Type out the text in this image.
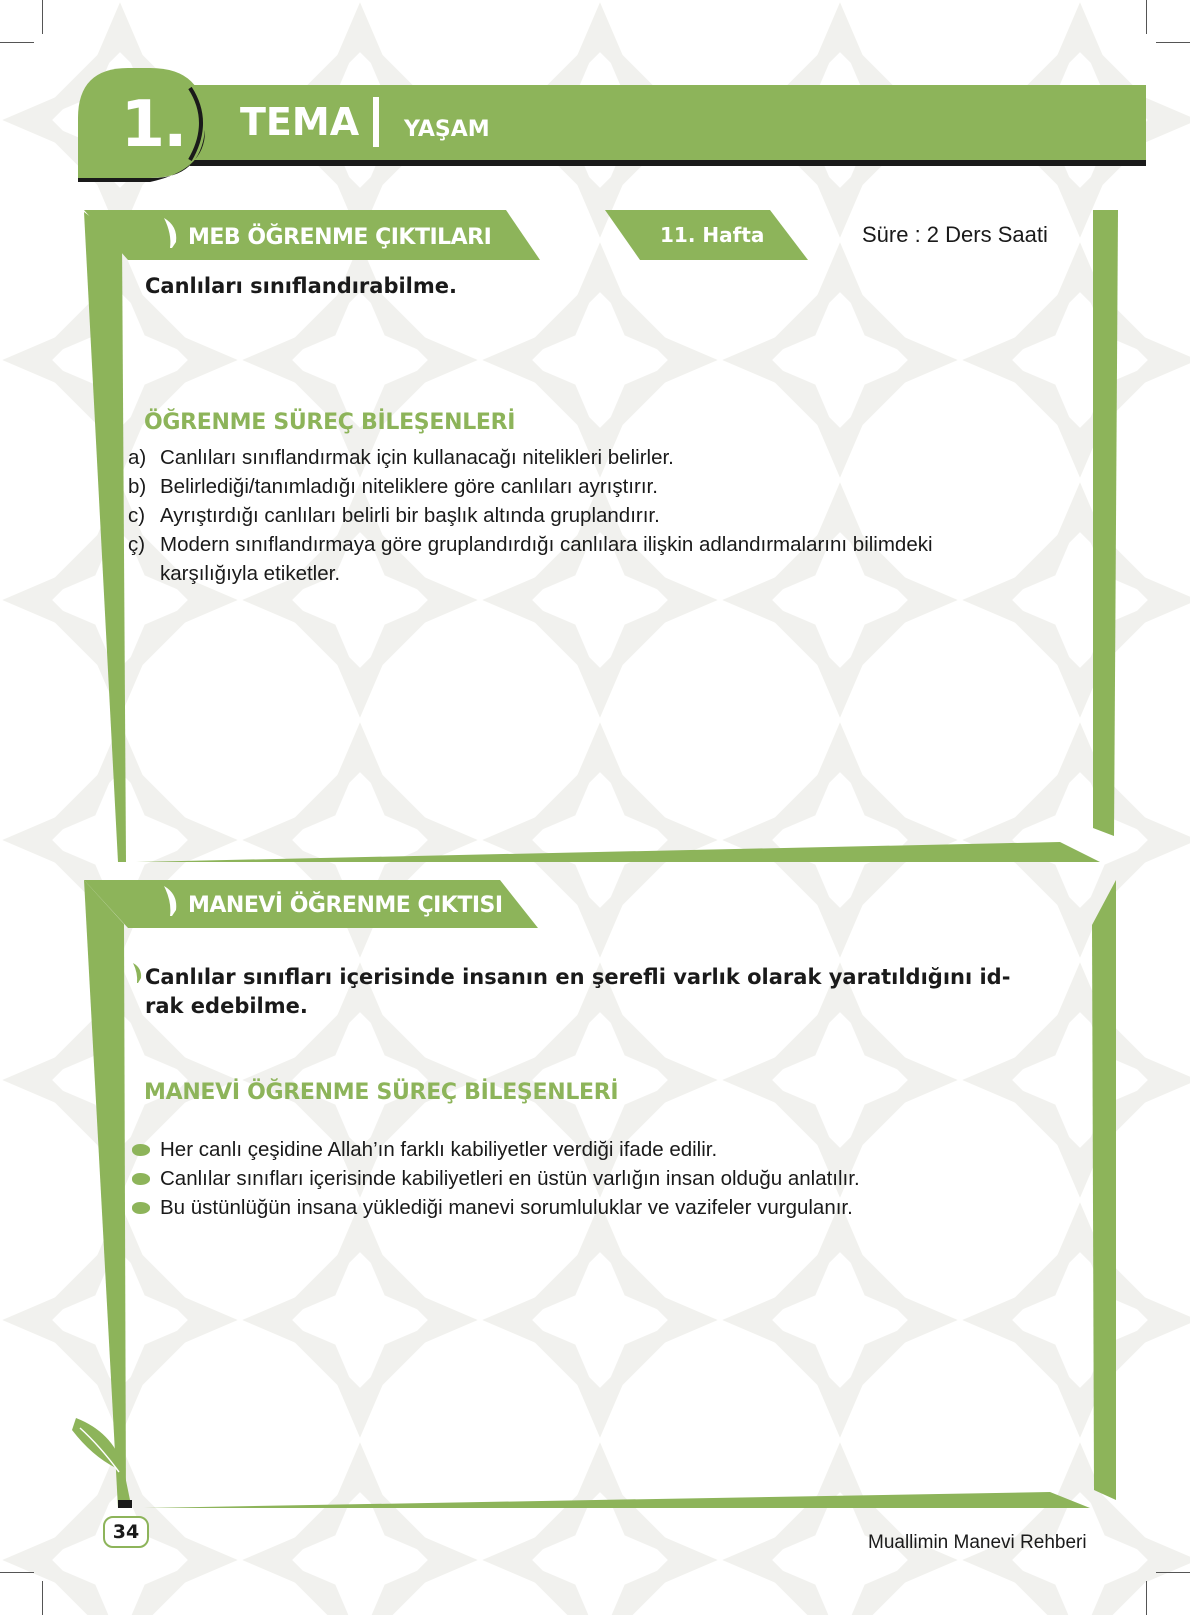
1.	TEMA YAŞAM
MEB ÖĞRENME ÇIKTILARI	11. Hafta	Süre : 2 Ders Saati
Canlıları sınıflandırabilme.
ÖĞRENME SÜREÇ BİLEŞENLERİ
a) Canlıları sınıflandırmak için kullanacağı nitelikleri belirler.
b) Belirlediği/tanımladığı niteliklere göre canlıları ayrıştırır.
c) Ayrıştırdığı canlıları belirli bir başlık altında gruplandırır.
ç) Modern sınıflandırmaya göre gruplandırdığı canlılara ilişkin adlandırmalarını bilimdeki
karşılığıyla etiketler.
MANEVİ ÖĞRENME ÇIKTISI
Canlılar sınıfları içerisinde insanın en şerefli varlık olarak yaratıldığını id-
rak edebilme.
MANEVİ ÖĞRENME SÜREÇ BİLEŞENLERİ
Her canlı çeşidine Allah’ın farklı kabiliyetler verdiği ifade edilir.
Canlılar sınıfları içerisinde kabiliyetleri en üstün varlığın insan olduğu anlatılır.
Bu üstünlüğün insana yüklediği manevi sorumluluklar ve vazifeler vurgulanır.
34	Muallimin Manevi Rehberi
